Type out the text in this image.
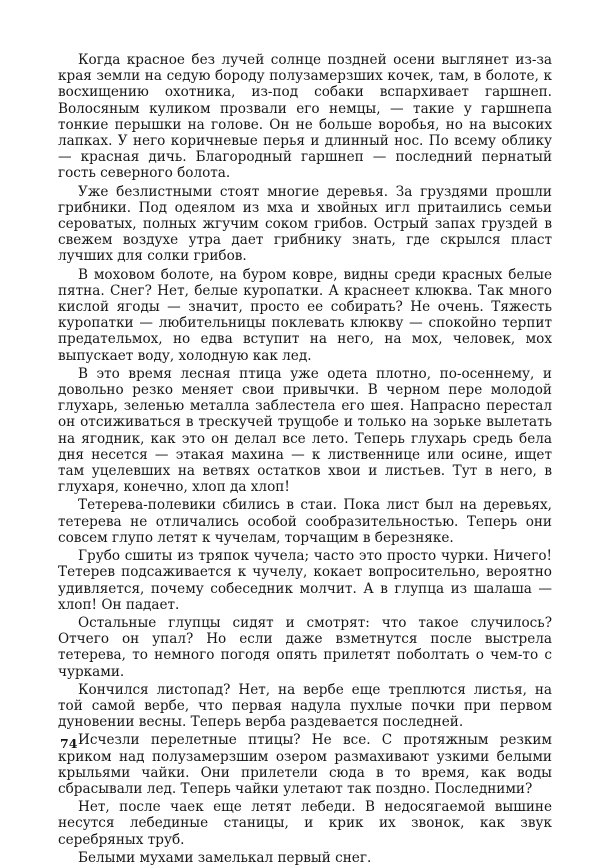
Когда красное без лучей солнце поздней осени выглянет из-за края земли на седую бороду полузамерзших кочек, там, в болоте, к восхищению охотника, из-под собаки вспархивает гаршнеп. Волосяным куликом прозвали его немцы, — такие у гаршнепа тонкие перышки на голове. Он не больше воробья, но на высоких лапках. У него коричневые перья и длинный нос. По всему облику — красная дичь. Благородный гаршнеп — последний пернатый гость северного болота.

Уже безлистными стоят многие деревья. За груздями прошли грибники. Под одеялом из мха и хвойных игл притаились семьи сероватых, полных жгучим соком грибов. Острый запах груздей в свежем воздухе утра дает грибнику знать, где скрылся пласт лучших для солки грибов.

В моховом болоте, на буром ковре, видны среди красных белые пятна. Снег? Нет, белые куропатки. А краснеет клюква. Так много кислой ягоды — значит, просто ее собирать? Не очень. Тяжесть куропатки — любительницы поклевать клюкву — спокойно терпит предательмох, но едва вступит на него, на мох, человек, мох выпускает воду, холодную как лед.

В это время лесная птица уже одета плотно, по-осеннему, и довольно резко меняет свои привычки. В черном пере молодой глухарь, зеленью металла заблестела его шея. Напрасно перестал он отсиживаться в трескучей трущобе и только на зорьке вылетать на ягодник, как это он делал все лето. Теперь глухарь средь бела дня несется — этакая махина — к лиственнице или осине, ищет там уцелевших на ветвях остатков хвои и листьев. Тут в него, в глухаря, конечно, хлоп да хлоп!

Тетерева-полевики сбились в стаи. Пока лист был на деревьях, тетерева не отличались особой сообразительностью. Теперь они совсем глупо летят к чучелам, торчащим в березняке.

Грубо сшиты из тряпок чучела; часто это просто чурки. Ничего! Тетерев подсаживается к чучелу, кокает вопросительно, вероятно удивляется, почему собеседник молчит. А в глупца из шалаша — хлоп! Он падает.

Остальные глупцы сидят и смотрят: что такое случилось? Отчего он упал? Но если даже взметнутся после выстрела тетерева, то немного погодя опять прилетят поболтать о чем-то с чурками.

Кончился листопад? Нет, на вербе еще треплются листья, на той самой вербе, что первая надула пухлые почки при первом дуновении весны. Теперь верба раздевается последней.

Исчезли перелетные птицы? Не все. С протяжным резким криком над полузамерзшим озером размахивают узкими белыми крыльями чайки. Они прилетели сюда в то время, как воды сбрасывали лед. Теперь чайки улетают так поздно. Последними?

Нет, после чаек еще летят лебеди. В недосягаемой вышине несутся лебединые станицы, и крик их звонок, как звук серебряных труб.

Белыми мухами замелькал первый снег.

74
